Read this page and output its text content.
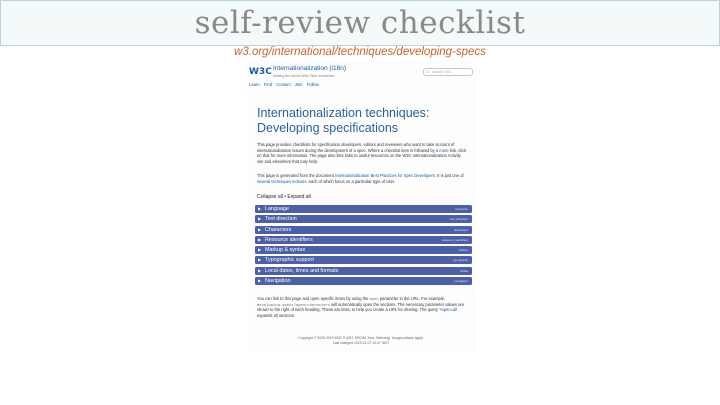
self-review checklist
w3.org/international/techniques/developing-specs
W3C Internationalization (i18n)
Making the World Wide Web worldwide!
⌕ Search i18n
Learn Find Contact Join Follow
Internationalization techniques:
Developing specifications
This page provides checklists for specification developers, editors and reviewers who want to take account of internationalisation issues during the development of a spec. Where a checklist item is followed by a more link, click on that for more information. The page also lists links to useful resources on the W3C Internationalization Activity site and elsewhere that may help.
This page is generated from the document Internationalization Best Practices for Spec Developers. It is just one of several techniques indexes, each of which focus on a particular type of user.
Collapse all • Expand all
▶ Language	resources
▶ Text direction	text_direction
▶ Characters	characters
▶ Resource identifiers	resource_identifiers
▶ Markup & syntax	markup
▶ Typographic support	typography
▶ Local dates, times and formats	locale
▶ Navigation	navigation
You can link to this page and open specific items by using the open parameter in the URL. For example, developing-specs?open=characters will automatically open the sections. The necessary parameter values are shown to the right of each heading. These are links, to help you create a URL for sharing. The query ?open=all expands all sections.
Copyright © 2008-2019 W3C ® (MIT, ERCIM, Keio, Beihang). Usage policies apply.
Last changed 2019-01-07 10:47 GMT
